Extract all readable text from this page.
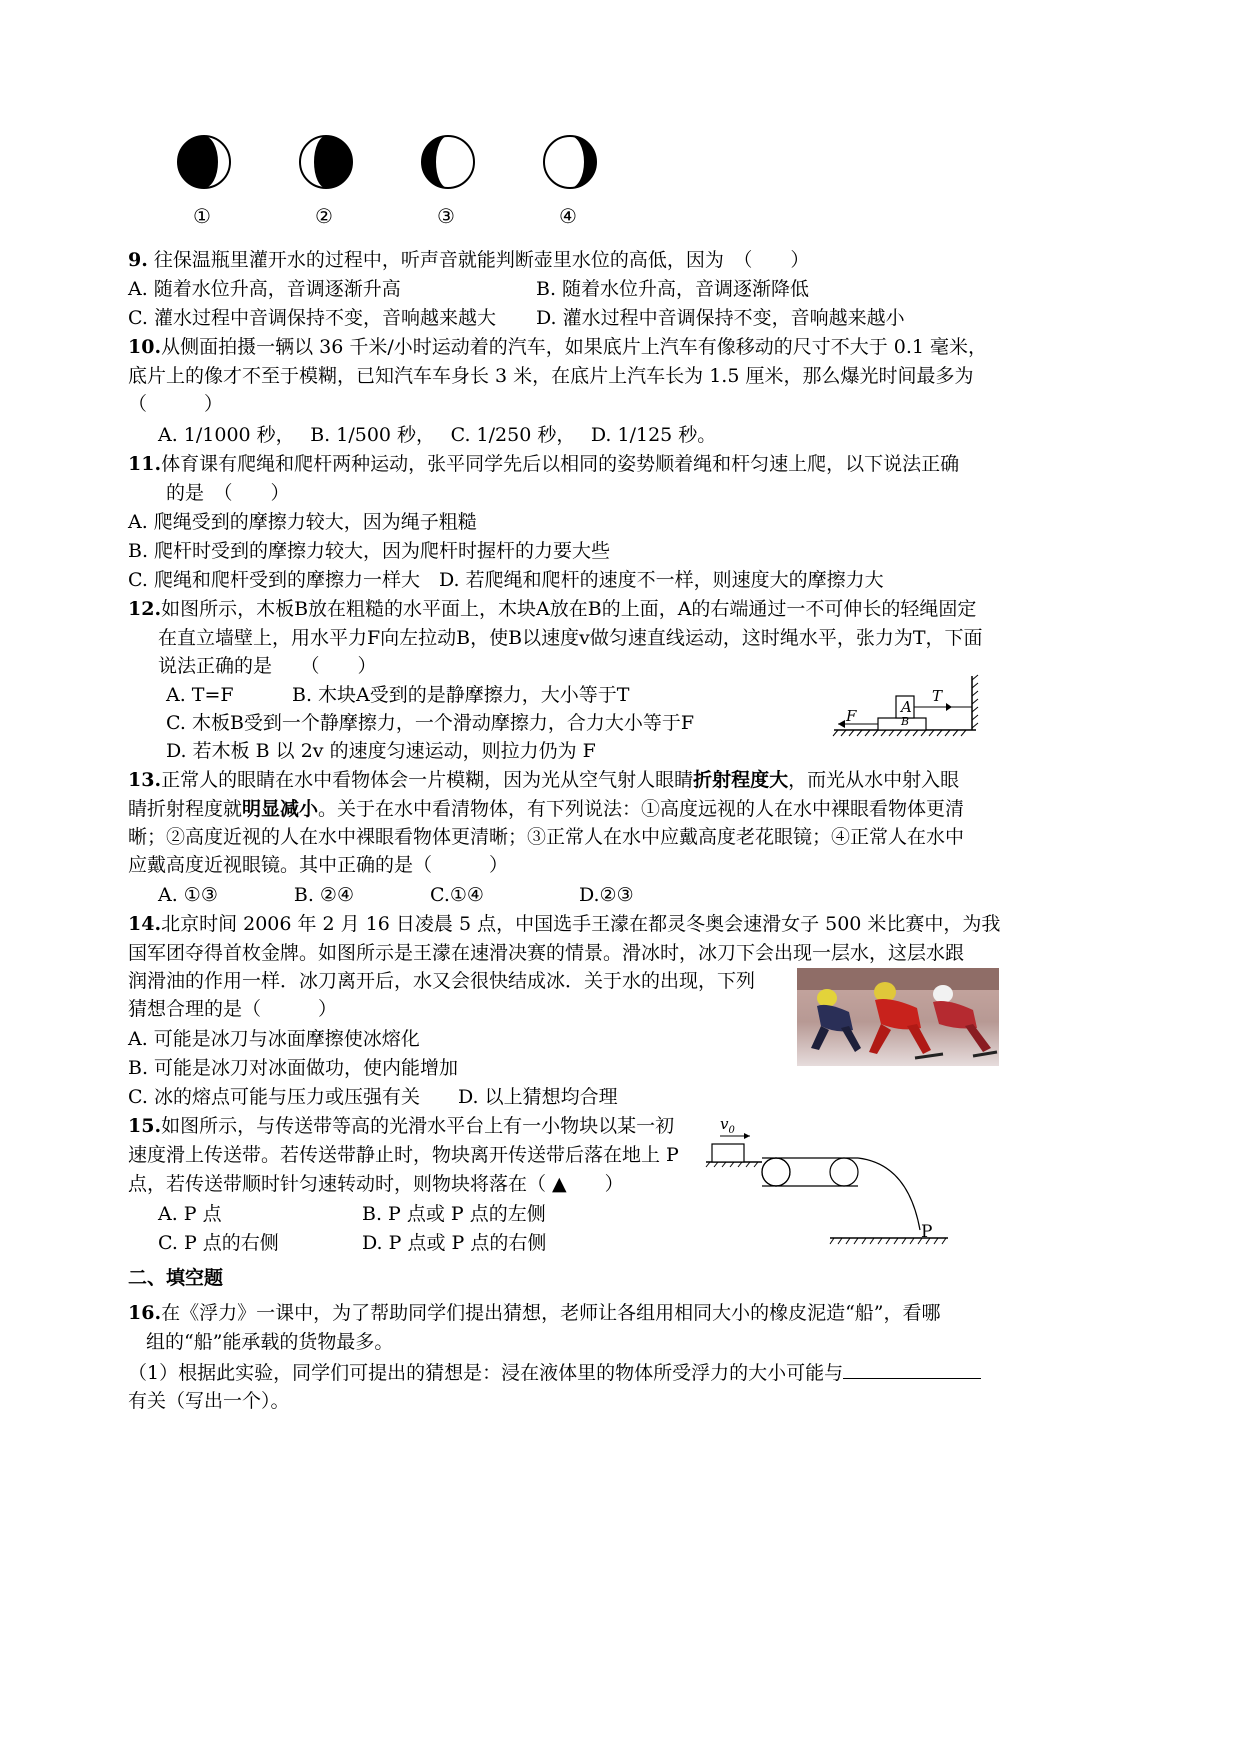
①	②	③	④
9. 往保温瓶里灌开水的过程中，听声音就能判断壶里水位的高低，因为　（　　）
A. 随着水位升高，音调逐渐升高	B. 随着水位升高，音调逐渐降低
C. 灌水过程中音调保持不变，音响越来越大 D. 灌水过程中音调保持不变，音响越来越小
10.从侧面拍摄一辆以 36 千米/小时运动着的汽车，如果底片上汽车有像移动的尺寸不大于 0.1 毫米，
底片上的像才不至于模糊，已知汽车车身长 3 米，在底片上汽车长为 1.5 厘米，那么爆光时间最多为
（　　　）
A. 1/1000 秒，　 B. 1/500 秒，　 C. 1/250 秒，　 D. 1/125 秒。
11.体育课有爬绳和爬杆两种运动，张平同学先后以相同的姿势顺着绳和杆匀速上爬，以下说法正确
的是　（　　）
A. 爬绳受到的摩擦力较大，因为绳子粗糙
B. 爬杆时受到的摩擦力较大，因为爬杆时握杆的力要大些
C. 爬绳和爬杆受到的摩擦力一样大　D. 若爬绳和爬杆的速度不一样，则速度大的摩擦力大
12.如图所示，木板B放在粗糙的水平面上，木块A放在B的上面，A的右端通过一不可伸长的轻绳固定
在直立墙壁上，用水平力F向左拉动B，使B以速度v做匀速直线运动，这时绳水平，张力为T，下面
说法正确的是　　（　　）
A. T=F	B. 木块A受到的是静摩擦力，大小等于T
C. 木板B受到一个静摩擦力，一个滑动摩擦力，合力大小等于F
D. 若木板 B 以 2v 的速度匀速运动，则拉力仍为 F
A
B
T
F
13.正常人的眼睛在水中看物体会一片模糊，因为光从空气射人眼睛折射程度大，而光从水中射入眼
睛折射程度就明显减小。关于在水中看清物体，有下列说法：①高度远视的人在水中裸眼看物体更清
晰；②高度近视的人在水中裸眼看物体更清晰；③正常人在水中应戴高度老花眼镜；④正常人在水中
应戴高度近视眼镜。其中正确的是（　　　）
A. ①③　　　　B. ②④　　　　C.①④　　　　　D.②③
14.北京时间 2006 年 2 月 16 日凌晨 5 点，中国选手王濛在都灵冬奥会速滑女子 500 米比赛中，为我
国军团夺得首枚金牌。如图所示是王濛在速滑决赛的情景。滑冰时，冰刀下会出现一层水，这层水跟
润滑油的作用一样．冰刀离开后，水又会很快结成冰．关于水的出现，下列
猜想合理的是（　　　）
A. 可能是冰刀与冰面摩擦使冰熔化
B. 可能是冰刀对冰面做功，使内能增加
C. 冰的熔点可能与压力或压强有关　　D. 以上猜想均合理
15.如图所示，与传送带等高的光滑水平台上有一小物块以某一初
速度滑上传送带。若传送带静止时，物块离开传送带后落在地上 P
点，若传送带顺时针匀速转动时，则物块将落在（ ▲　　）
A. P 点	B. P 点或 P 点的左侧
C. P 点的右侧	D. P 点或 P 点的右侧
$v_0$
P
二、填空题
16.在《浮力》一课中，为了帮助同学们提出猜想，老师让各组用相同大小的橡皮泥造“船”，看哪
组的“船”能承载的货物最多。
（1）根据此实验，同学们可提出的猜想是：浸在液体里的物体所受浮力的大小可能与
有关（写出一个）。
